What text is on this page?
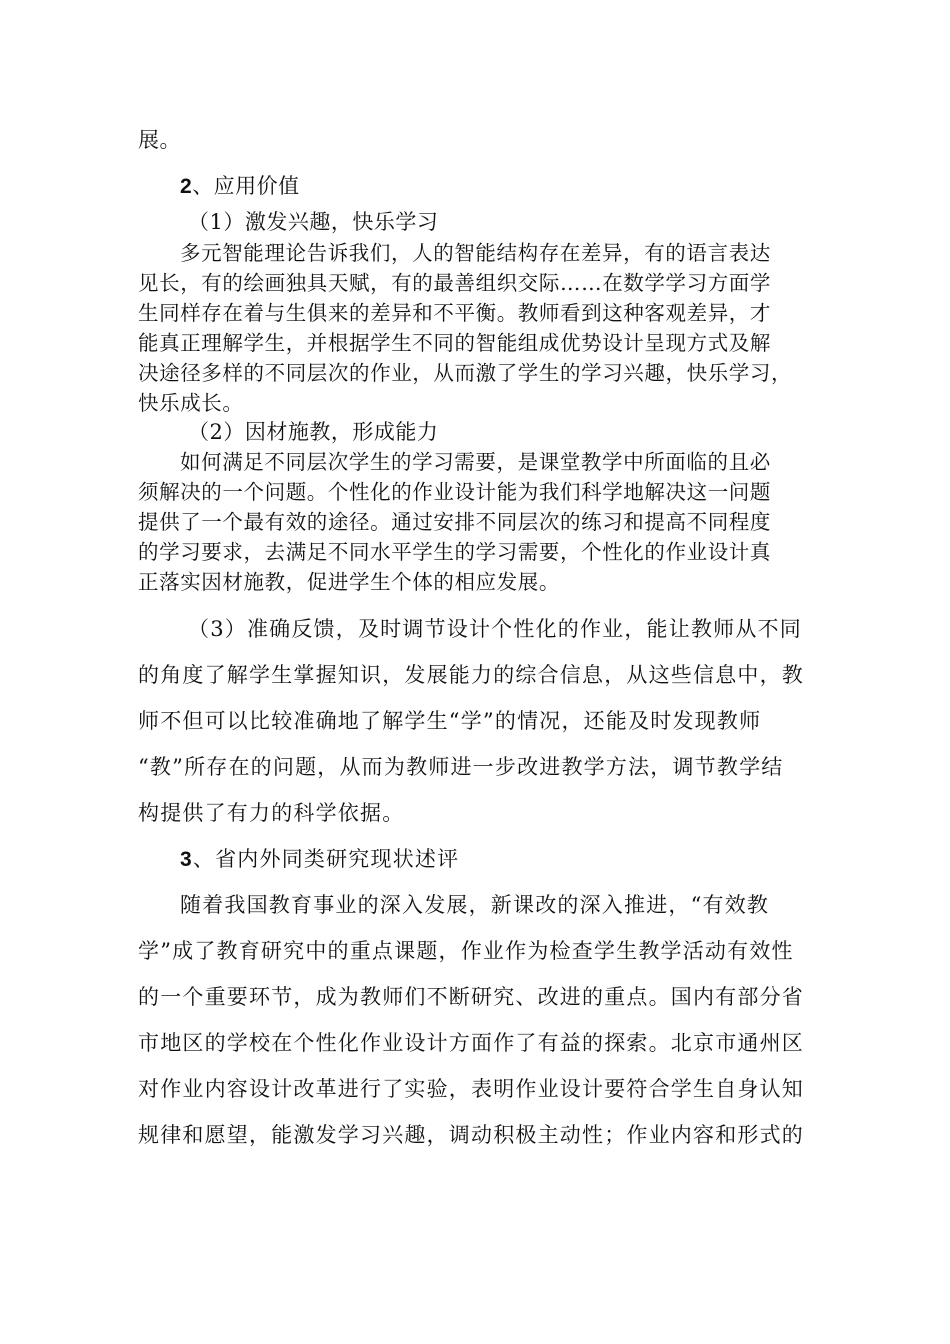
展。
2、应用价值
（1）激发兴趣，快乐学习
多元智能理论告诉我们，人的智能结构存在差异，有的语言表达
见长，有的绘画独具天赋，有的最善组织交际……在数学学习方面学
生同样存在着与生俱来的差异和不平衡。教师看到这种客观差异，才
能真正理解学生，并根据学生不同的智能组成优势设计呈现方式及解
决途径多样的不同层次的作业，从而激了学生的学习兴趣，快乐学习，
快乐成长。
（2）因材施教，形成能力
如何满足不同层次学生的学习需要，是课堂教学中所面临的且必
须解决的一个问题。个性化的作业设计能为我们科学地解决这一问题
提供了一个最有效的途径。通过安排不同层次的练习和提高不同程度
的学习要求，去满足不同水平学生的学习需要，个性化的作业设计真
正落实因材施教，促进学生个体的相应发展。
（3）准确反馈，及时调节设计个性化的作业，能让教师从不同
的角度了解学生掌握知识，发展能力的综合信息，从这些信息中，教
师不但可以比较准确地了解学生“学”的情况，还能及时发现教师
“教”所存在的问题，从而为教师进一步改进教学方法，调节教学结
构提供了有力的科学依据。
3、省内外同类研究现状述评
随着我国教育事业的深入发展，新课改的深入推进，“有效教
学”成了教育研究中的重点课题，作业作为检查学生教学活动有效性
的一个重要环节，成为教师们不断研究、改进的重点。国内有部分省
市地区的学校在个性化作业设计方面作了有益的探索。北京市通州区
对作业内容设计改革进行了实验，表明作业设计要符合学生自身认知
规律和愿望，能激发学习兴趣，调动积极主动性；作业内容和形式的
